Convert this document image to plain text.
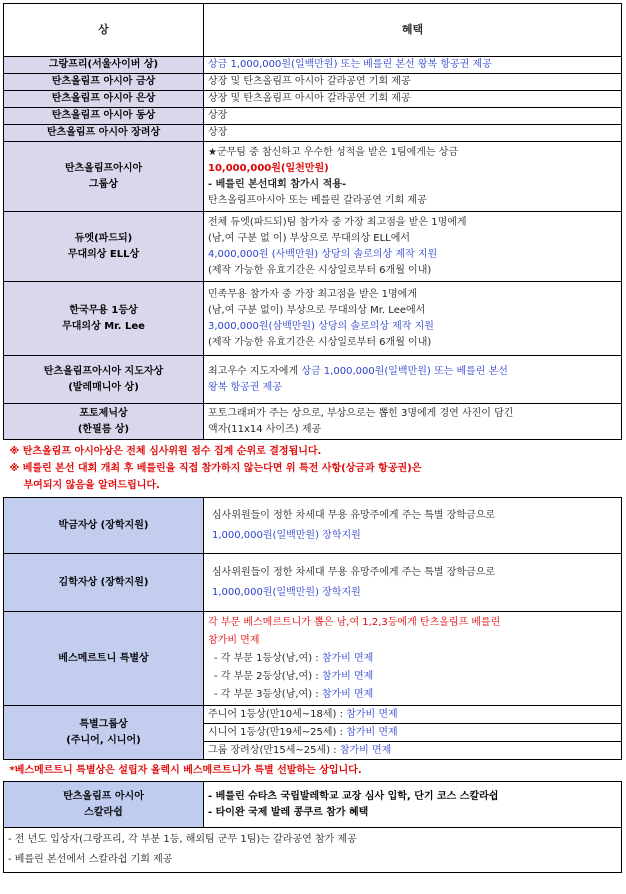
상	혜택
그랑프리(서울사이버 상)	상금 1,000,000원(일백만원) 또는 베를린 본선 왕복 항공권 제공
탄츠올림프 아시아 금상	상장 및 탄츠올림프 아시아 갈라공연 기회 제공
탄츠올림프 아시아 은상	상장 및 탄츠올림프 아시아 갈라공연 기회 제공
탄츠올림프 아시아 동상	상장
탄츠올림프 아시아 장려상	상장

탄츠올림프아시아
그룹상	★군무팀 중 참신하고 우수한 성적을 받은 1팀에게는 상금
10,000,000원(일천만원)
- 베를린 본선대회 참가시 적용-
탄츠올림프아시아 또는 베를린 갈라공연 기회 제공

듀엣(파드되)
무대의상 ELL상	전체 듀엣(파드되)팀 참가자 중 가장 최고점을 받은 1명에게
(남,여 구분 없 이) 부상으로 무대의상 ELL에서
4,000,000원 (사백만원) 상당의 솔로의상 제작 지원
(제작 가능한 유효기간은 시상일로부터 6개월 이내)

한국무용 1등상
무대의상 Mr. Lee	민족무용 참가자 중 가장 최고점을 받은 1명에게
(남,여 구분 없이) 부상으로 무대의상 Mr. Lee에서
3,000,000원(삼백만원) 상당의 솔로의상 제작 지원
(제작 가능한 유효기간은 시상일로부터 6개월 이내)

탄츠올림프아시아 지도자상
(발레매니아 상)	최고우수 지도자에게 상금 1,000,000원(일백만원) 또는 베를린 본선
왕복 항공권 제공

포토제닉상
(한필름 상)	포토그래퍼가 주는 상으로, 부상으로는 뽑힌 3명에게 경연 사진이 담긴
액자(11x14 사이즈) 제공

※ 탄츠올림프 아시아상은 전체 심사위원 점수 집계 순위로 결정됩니다.
※ 베를린 본선 대회 개최 후 베를린을 직접 참가하지 않는다면 위 특전 사항(상금과 항공권)은
부여되지 않음을 알려드립니다.	

박금자상 (장학지원)	심사위원들이 정한 차세대 무용 유망주에게 주는 특별 장학금으로
1,000,000원(일백만원) 장학지원

김학자상 (장학지원)	심사위원들이 정한 차세대 무용 유망주에게 주는 특별 장학금으로
1,000,000원(일백만원) 장학지원

베스메르트니 특별상	각 부문 베스메르트니가 뽑은 남,여 1,2,3등에게 탄츠올림프 베를린
참가비 면제
- 각 부문 1등상(남,여) : 참가비 면제
- 각 부문 2등상(남,여) : 참가비 면제
- 각 부문 3등상(남,여) : 참가비 면제

특별그룹상
(주니어, 시니어)	주니어 1등상(만10세~18세) : 참가비 면제
	시니어 1등상(만19세~25세) : 참가비 면제
	그룹 장려상(만15세~25세) : 참가비 면제
*베스메르트니 특별상은 설립자 올렉시 베스메르트니가 특별 선발하는 상입니다.	

탄츠올림프 아시아
스칼라쉽	- 베를린 슈타츠 국립발레학교 교장 심사 입학, 단기 코스 스칼라쉽
- 타이완 국제 발레 콩쿠르 참가 혜택

- 전 년도 입상자(그랑프리, 각 부분 1등, 해외팀 군무 1팀)는 갈라공연 참가 제공
- 베를린 본선에서 스칼라쉽 기회 제공	
